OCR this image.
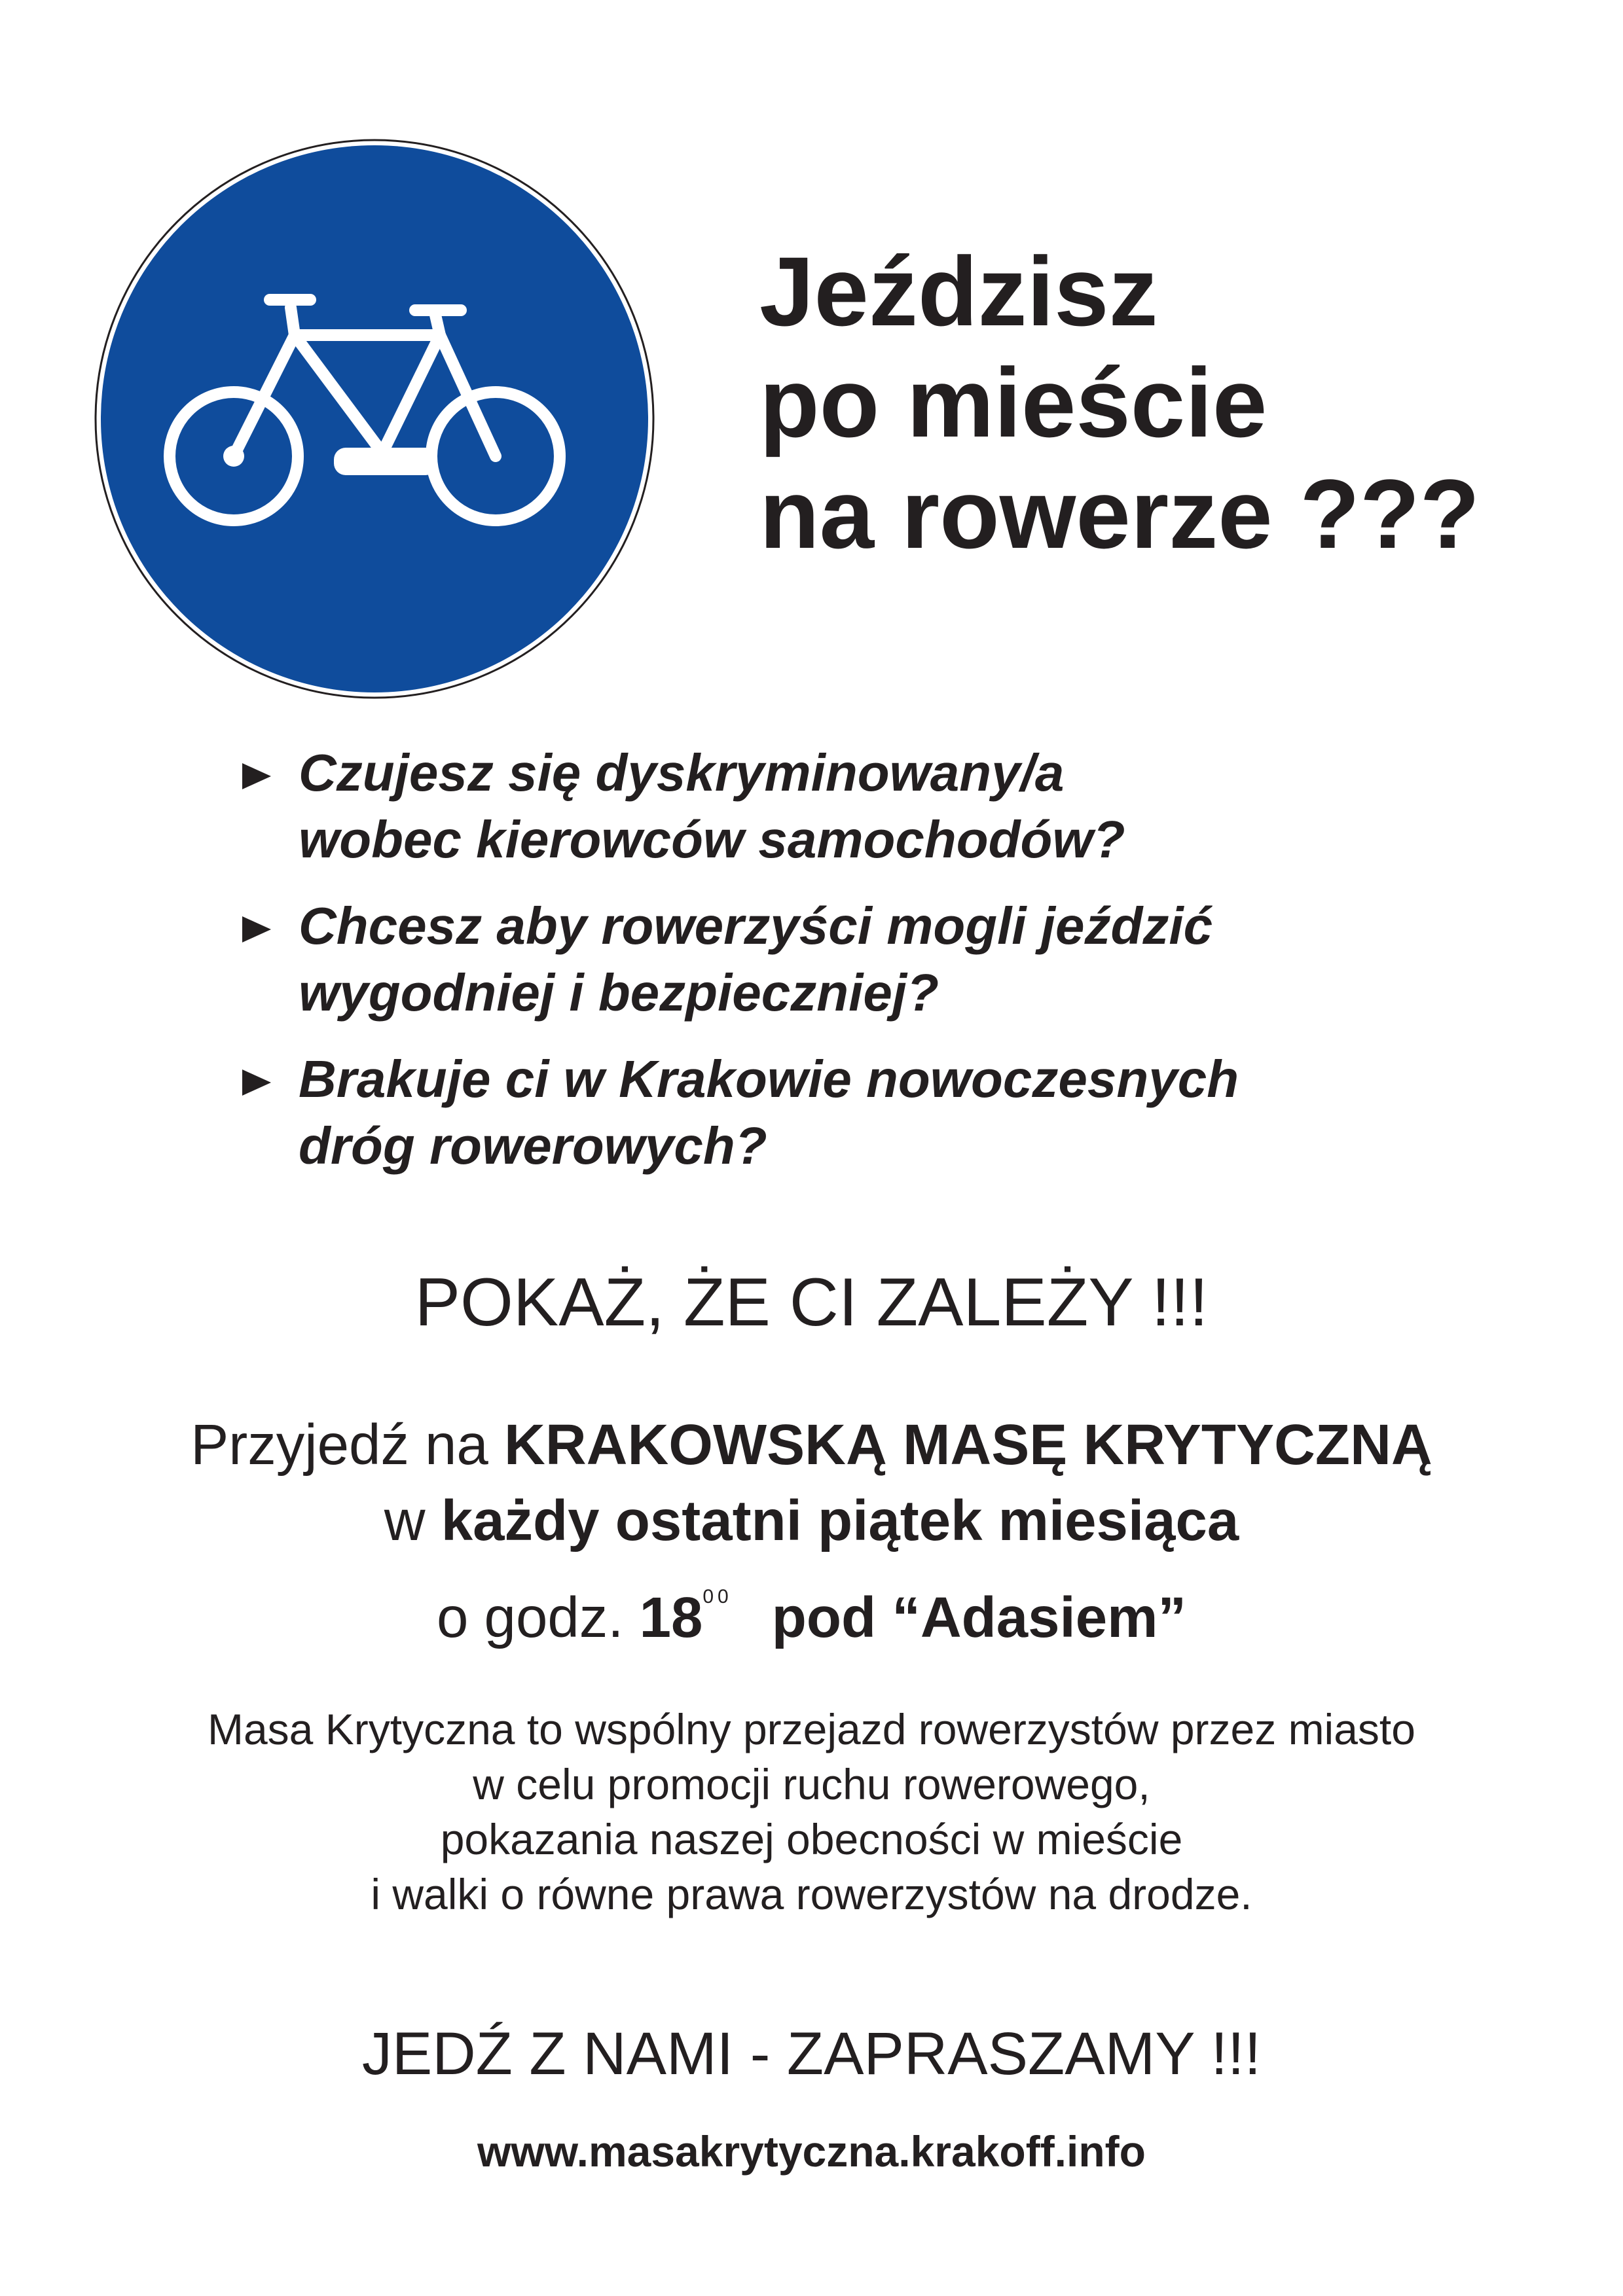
Jeździsz
po mieście
na rowerze ???
Czujesz się dyskryminowany/a
wobec kierowców samochodów?
Chcesz aby rowerzyści mogli jeździć
wygodniej i bezpieczniej?
Brakuje ci w Krakowie nowoczesnych
dróg rowerowych?
POKAŻ, ŻE CI ZALEŻY !!!
Przyjedź na KRAKOWSKĄ MASĘ KRYTYCZNĄ
w każdy ostatni piątek miesiąca
o godz. $18^{00}$ pod “Adasiem”
Masa Krytyczna to wspólny przejazd rowerzystów przez miasto
w celu promocji ruchu rowerowego,
pokazania naszej obecności w mieście
i walki o równe prawa rowerzystów na drodze.
JEDŹ Z NAMI - ZAPRASZAMY !!!
www.masakrytyczna.krakoff.info
